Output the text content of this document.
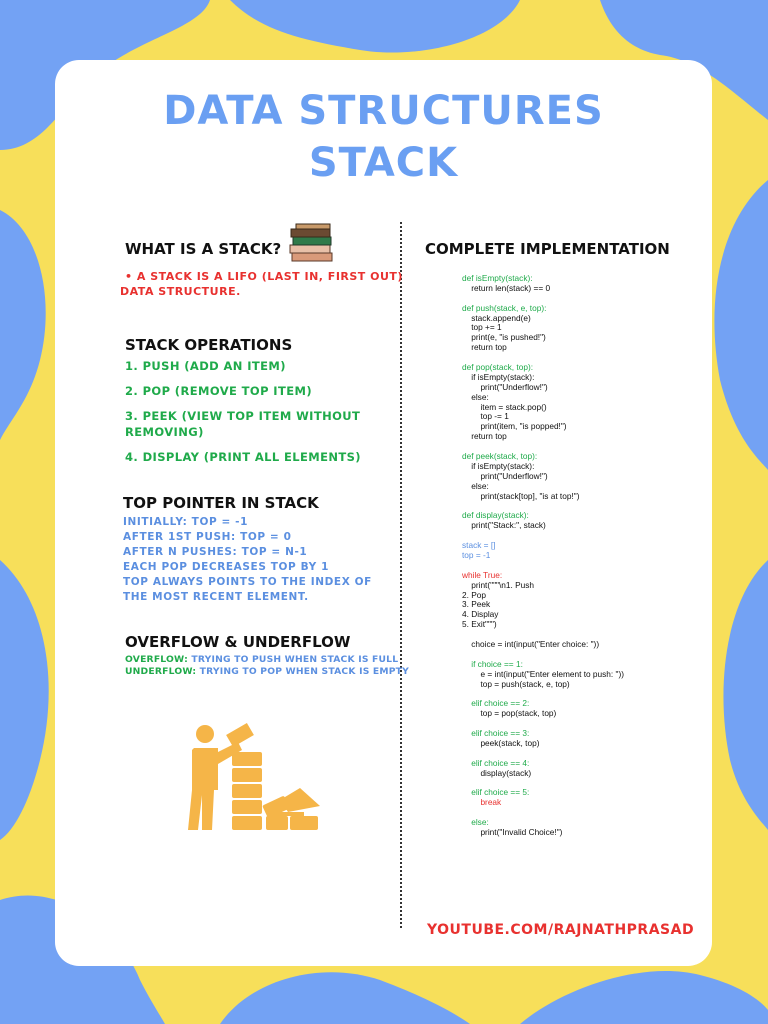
DATA STRUCTURES
STACK
WHAT IS A STACK?

• A STACK IS A LIFO (LAST IN, FIRST OUT)

DATA STRUCTURE.

STACK OPERATIONS
1. PUSH (ADD AN ITEM)
2. POP (REMOVE TOP ITEM)
3. PEEK (VIEW TOP ITEM WITHOUT REMOVING)
4. DISPLAY (PRINT ALL ELEMENTS)
TOP POINTER IN STACK
INITIALLY: TOP = -1
AFTER 1ST PUSH: TOP = 0
AFTER N PUSHES: TOP = N-1
EACH POP DECREASES TOP BY 1
TOP ALWAYS POINTS TO THE INDEX OF THE MOST RECENT ELEMENT.
OVERFLOW & UNDERFLOW
OVERFLOW: TRYING TO PUSH WHEN STACK IS FULL
UNDERFLOW: TRYING TO POP WHEN STACK IS EMPTY
COMPLETE IMPLEMENTATION
def isEmpty(stack):
return len(stack) == 0
def push(stack, e, top):
stack.append(e)
top += 1
print(e, "is pushed!")
return top
def pop(stack, top):
if isEmpty(stack):
print("Underflow!")
else:
item = stack.pop()
top -= 1
print(item, "is popped!")
return top
def peek(stack, top):
if isEmpty(stack):
print("Underflow!")
else:
print(stack[top], "is at top!")
def display(stack):
print("Stack:", stack)
stack = []
top = -1
while True:
print("""\n1. Push
2. Pop
3. Peek
4. Display
5. Exit""")
choice = int(input("Enter choice: "))
if choice == 1:
e = int(input("Enter element to push: "))
top = push(stack, e, top)
elif choice == 2:
top = pop(stack, top)
elif choice == 3:
peek(stack, top)
elif choice == 4:
display(stack)
elif choice == 5:
break
else:
print("Invalid Choice!")
YOUTUBE.COM/RAJNATHPRASAD
